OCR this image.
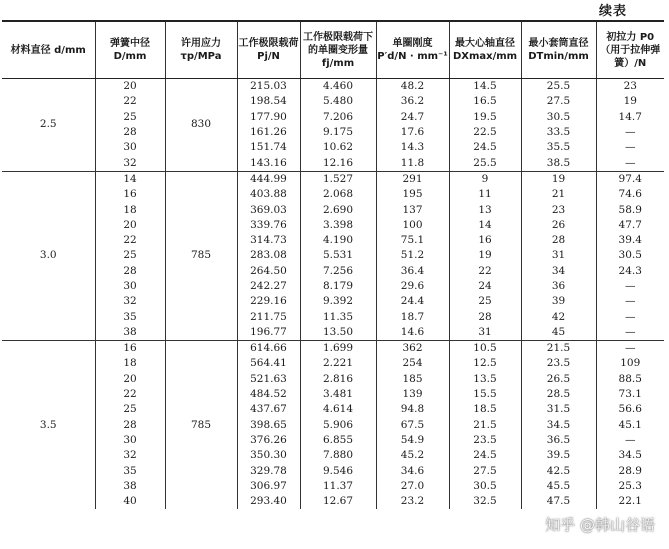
续表
材料直径 d/mm	弹簧中径 D/mm	许用应力 τp/MPa	工作极限载荷 Pj/N	工作极限载荷下的单圈变形量 fj/mm	单圈刚度 P′d/N · mm⁻¹	最大心轴直径 DXmax/mm	最小套筒直径 DTmin/mm	初拉力 P0（用于拉伸弹簧）/N
2.5	20	830	215.03	4.460	48.2	14.5	25.5	23
	22		198.54	5.480	36.2	16.5	27.5	19
	25		177.90	7.206	24.7	19.5	30.5	14.7
	28		161.26	9.175	17.6	22.5	33.5	—
	30		151.74	10.62	14.3	24.5	35.5	—
	32		143.16	12.16	11.8	25.5	38.5	—
3.0	14	785	444.99	1.527	291	9	19	97.4
	16		403.88	2.068	195	11	21	74.6
	18		369.03	2.690	137	13	23	58.9
	20		339.76	3.398	100	14	26	47.7
	22		314.73	4.190	75.1	16	28	39.4
	25		283.08	5.531	51.2	19	31	30.5
	28		264.50	7.256	36.4	22	34	24.3
	30		242.27	8.179	29.6	24	36	—
	32		229.16	9.392	24.4	25	39	—
	35		211.75	11.35	18.7	28	42	—
	38		196.77	13.50	14.6	31	45	—
3.5	16	785	614.66	1.699	362	10.5	21.5	—
	18		564.41	2.221	254	12.5	23.5	109
	20		521.63	2.816	185	13.5	26.5	88.5
	22		484.52	3.481	139	15.5	28.5	73.1
	25		437.67	4.614	94.8	18.5	31.5	56.6
	28		398.65	5.906	67.5	21.5	34.5	45.1
	30		376.26	6.855	54.9	23.5	36.5	—
	32		350.30	7.880	45.2	24.5	39.5	34.5
	35		329.78	9.546	34.6	27.5	42.5	28.9
	38		306.97	11.37	27.0	30.5	45.5	25.3
	40		293.40	12.67	23.2	32.5	47.5	22.1
知乎 @韩山谷语
